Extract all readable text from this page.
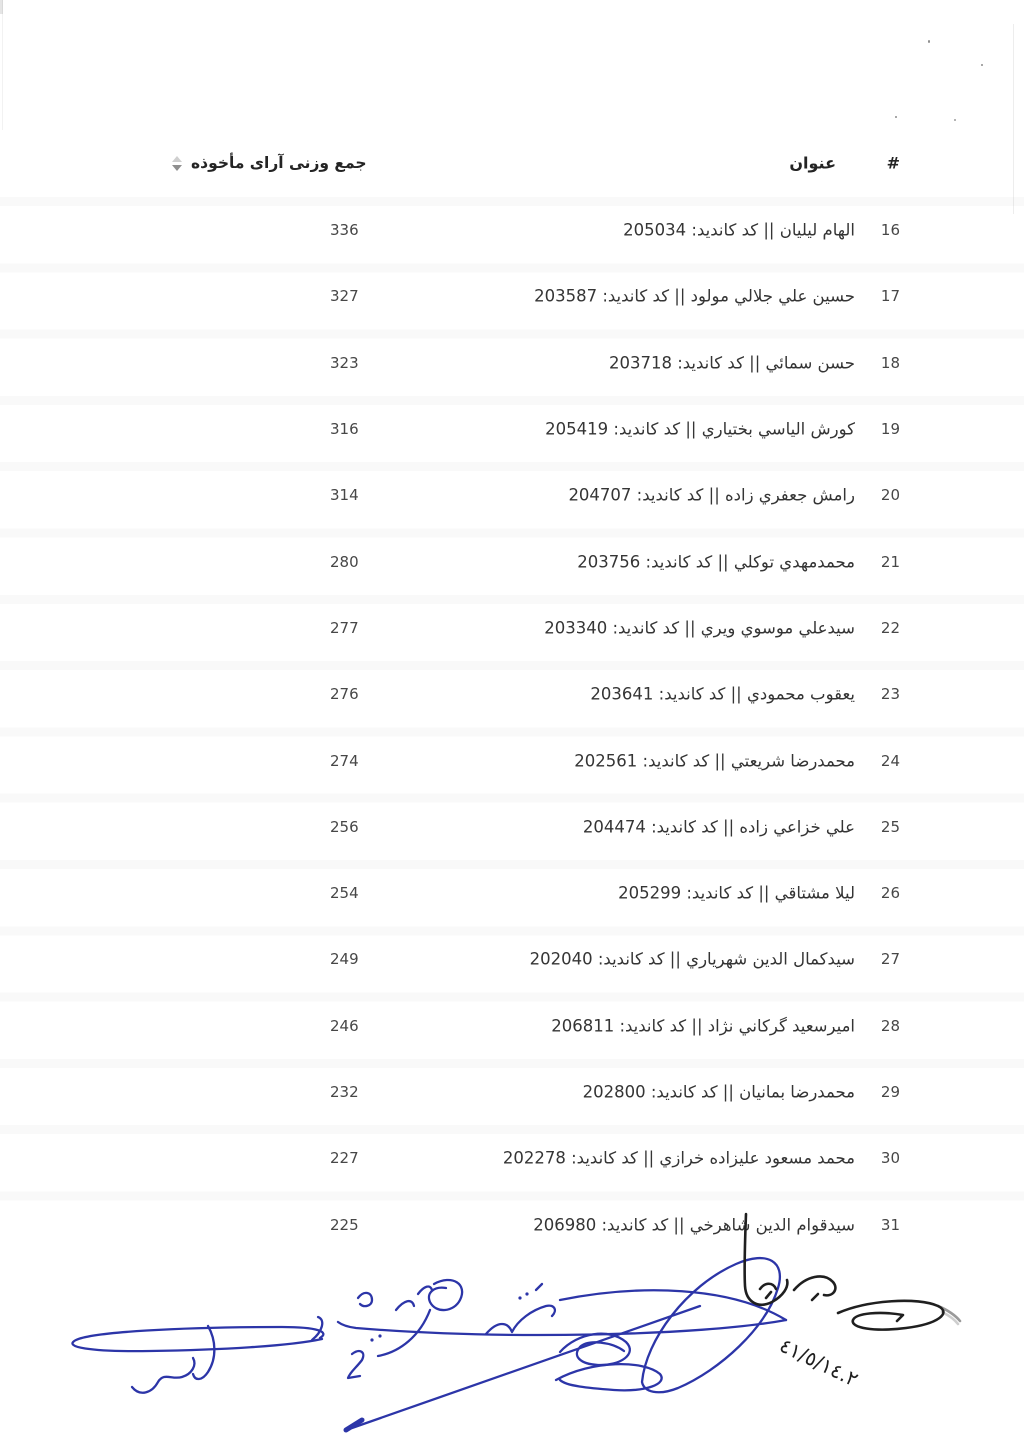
#
عنوان
جمع وزنی آرای مأخوذه
16
الهام لیلیان || کد کاندید: 205034
336
17
حسین علي جلالي مولود || کد کاندید: 203587
327
18
حسن سمائي || کد کاندید: 203718
323
19
کورش الیاسي بختیاري || کد کاندید: 205419
316
20
رامش جعفري زاده || کد کاندید: 204707
314
21
محمدمهدي توکلي || کد کاندید: 203756
280
22
سیدعلي موسوي ویري || کد کاندید: 203340
277
23
یعقوب محمودي || کد کاندید: 203641
276
24
محمدرضا شریعتي || کد کاندید: 202561
274
25
علي خزاعي زاده || کد کاندید: 204474
256
26
لیلا مشتاقي || کد کاندید: 205299
254
27
سیدکمال الدین شهریاري || کد کاندید: 202040
249
28
امیرسعید گرکاني نژاد || کد کاندید: 206811
246
29
محمدرضا بمانیان || کد کاندید: 202800
232
30
محمد مسعود علیزاده خرازي || کد کاندید: 202278
227
31
سیدقوام الدین شاهرخي || کد کاندید: 206980
225
٤١/٥/١٤.٢
